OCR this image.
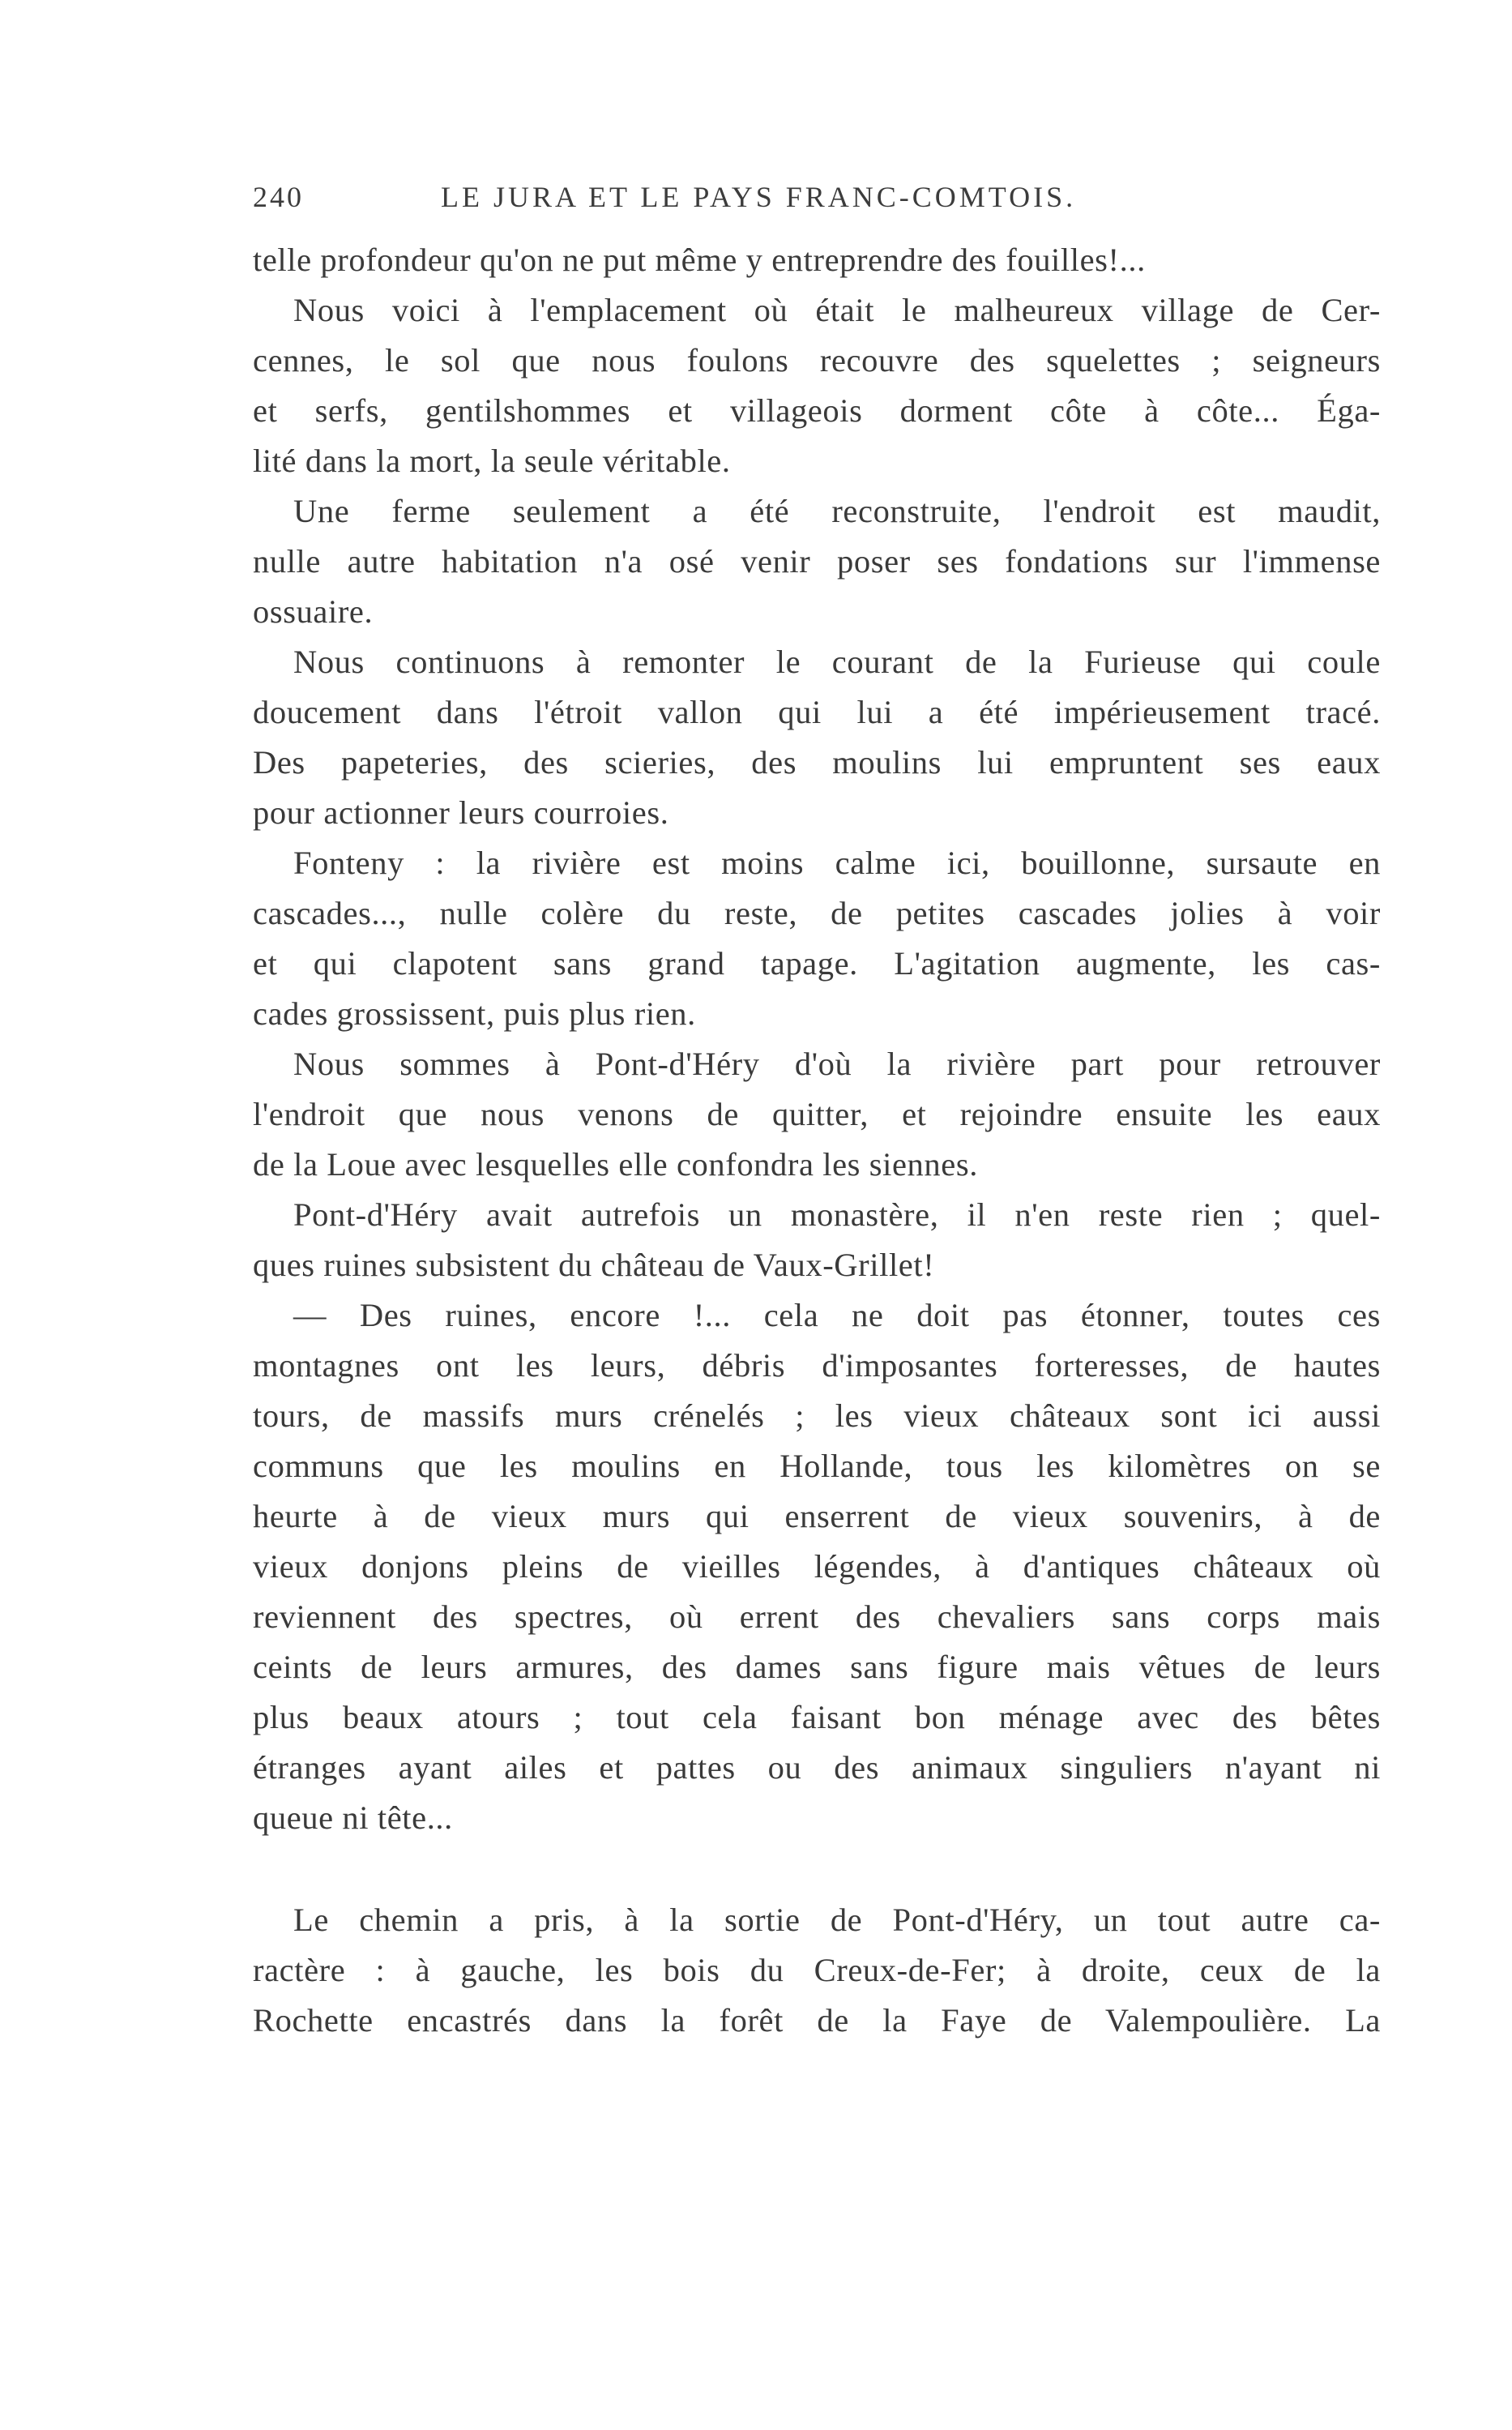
240	LE JURA ET LE PAYS FRANC-COMTOIS.

telle profondeur qu'on ne put même y entreprendre des fouilles!...

Nous voici à l'emplacement où était le malheureux village de Cer-
cennes, le sol que nous foulons recouvre des squelettes ; seigneurs
et serfs, gentilshommes et villageois dorment côte à côte... Éga-
lité dans la mort, la seule véritable.

Une ferme seulement a été reconstruite, l'endroit est maudit,
nulle autre habitation n'a osé venir poser ses fondations sur l'immense
ossuaire.

Nous continuons à remonter le courant de la Furieuse qui coule
doucement dans l'étroit vallon qui lui a été impérieusement tracé.
Des papeteries, des scieries, des moulins lui empruntent ses eaux
pour actionner leurs courroies.

Fonteny : la rivière est moins calme ici, bouillonne, sursaute en
cascades..., nulle colère du reste, de petites cascades jolies à voir
et qui clapotent sans grand tapage. L'agitation augmente, les cas-
cades grossissent, puis plus rien.

Nous sommes à Pont-d'Héry d'où la rivière part pour retrouver
l'endroit que nous venons de quitter, et rejoindre ensuite les eaux
de la Loue avec lesquelles elle confondra les siennes.

Pont-d'Héry avait autrefois un monastère, il n'en reste rien ; quel-
ques ruines subsistent du château de Vaux-Grillet!

— Des ruines, encore !... cela ne doit pas étonner, toutes ces
montagnes ont les leurs, débris d'imposantes forteresses, de hautes
tours, de massifs murs crénelés ; les vieux châteaux sont ici aussi
communs que les moulins en Hollande, tous les kilomètres on se
heurte à de vieux murs qui enserrent de vieux souvenirs, à de
vieux donjons pleins de vieilles légendes, à d'antiques châteaux où
reviennent des spectres, où errent des chevaliers sans corps mais
ceints de leurs armures, des dames sans figure mais vêtues de leurs
plus beaux atours ; tout cela faisant bon ménage avec des bêtes
étranges ayant ailes et pattes ou des animaux singuliers n'ayant ni
queue ni tête...

Le chemin a pris, à la sortie de Pont-d'Héry, un tout autre ca-
ractère : à gauche, les bois du Creux-de-Fer; à droite, ceux de la
Rochette encastrés dans la forêt de la Faye de Valempoulière. La
